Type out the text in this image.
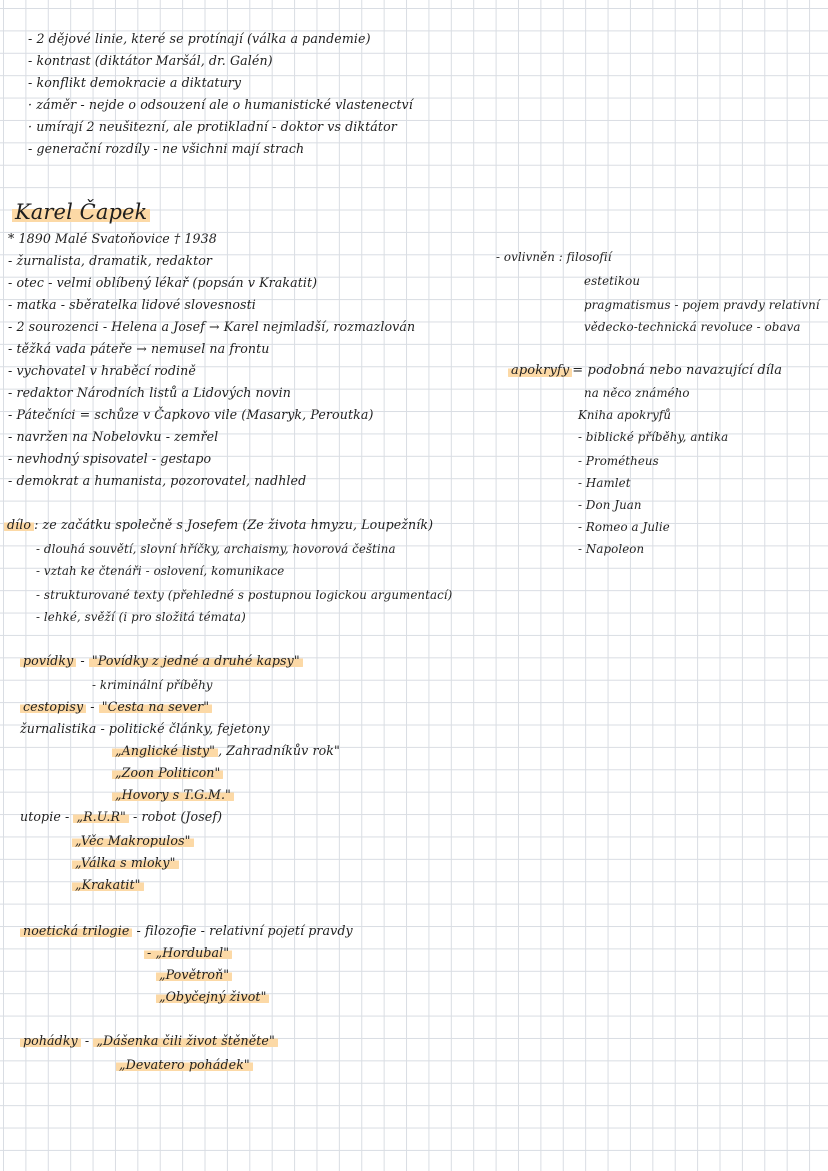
- 2 dějové linie, které se protínají (válka a pandemie)
- kontrast (diktátor Maršál, dr. Galén)
- konflikt demokracie a diktatury
· záměr - nejde o odsouzení ale o humanistické vlastenectví
· umírají 2 neušitezní, ale protikladní - doktor vs diktátor
- generační rozdíly - ne všichni mají strach
Karel Čapek
* 1890 Malé Svatoňovice † 1938
- žurnalista, dramatik, redaktor
- otec - velmi oblíbený lékař (popsán v Krakatit)
- matka - sběratelka lidové slovesnosti
- 2 sourozenci - Helena a Josef → Karel nejmladší, rozmazlován
- těžká vada páteře → nemusel na frontu
- vychovatel v hraběcí rodině
- redaktor Národních listů a Lidových novin
- Pátečníci = schůze v Čapkovo vile (Masaryk, Peroutka)
- navržen na Nobelovku - zemřel
- nevhodný spisovatel - gestapo
- demokrat a humanista, pozorovatel, nadhled
- ovlivněn : filosofií
estetikou
pragmatismus - pojem pravdy relativní
vědecko-technická revoluce - obava
apokryfy = podobná nebo navazující díla
na něco známého
Kniha apokryfů
- biblické příběhy, antika
- Prométheus
- Hamlet
- Don Juan
- Romeo a Julie
- Napoleon
dílo : ze začátku společně s Josefem (Ze života hmyzu, Loupežník)
- dlouhá souvětí, slovní hříčky, archaismy, hovorová čeština
- vztah ke čtenáři - oslovení, komunikace
- strukturované texty (přehledné s postupnou logickou argumentací)
- lehké, svěží (i pro složitá témata)
povídky - "Povídky z jedné a druhé kapsy"
- kriminální příběhy
cestopisy - "Cesta na sever"
žurnalistika - politické články, fejetony
„Anglické listy" , Zahradníkův rok"
„Zoon Politicon"
„Hovory s T.G.M."
utopie - „R.U.R" - robot (Josef)
„Věc Makropulos"
„Válka s mloky"
„Krakatit"
noetická trilogie - filozofie - relativní pojetí pravdy
- „Hordubal"
„Povětroň"
„Obyčejný život"
pohádky - „Dášenka čili život štěněte"
„Devatero pohádek"
